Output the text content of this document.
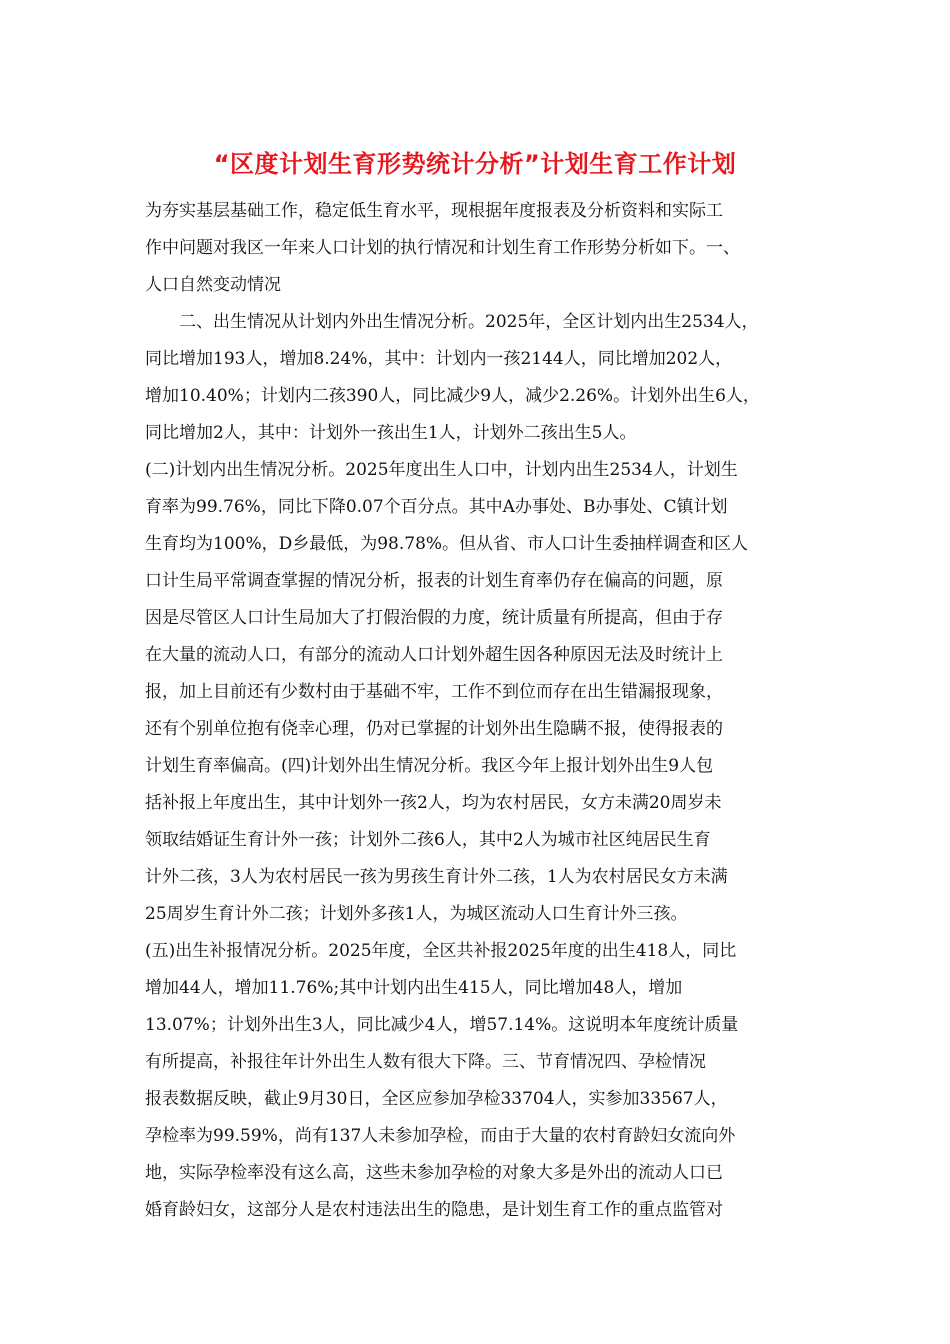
“区度计划生育形势统计分析”计划生育工作计划

为夯实基层基础工作，稳定低生育水平，现根据年度报表及分析资料和实际工

作中问题对我区一年来人口计划的执行情况和计划生育工作形势分析如下。一、

人口自然变动情况

　　二、出生情况从计划内外出生情况分析。2025年，全区计划内出生2534人，

同比增加193人，增加8.24%，其中：计划内一孩2144人，同比增加202人，

增加10.40%；计划内二孩390人，同比减少9人，减少2.26%。计划外出生6人，

同比增加2人，其中：计划外一孩出生1人，计划外二孩出生5人。

(二)计划内出生情况分析。2025年度出生人口中，计划内出生2534人，计划生

育率为99.76%，同比下降0.07个百分点。其中A办事处、B办事处、C镇计划

生育均为100%，D乡最低，为98.78%。但从省、市人口计生委抽样调查和区人

口计生局平常调查掌握的情况分析，报表的计划生育率仍存在偏高的问题，原

因是尽管区人口计生局加大了打假治假的力度，统计质量有所提高，但由于存

在大量的流动人口，有部分的流动人口计划外超生因各种原因无法及时统计上

报，加上目前还有少数村由于基础不牢，工作不到位而存在出生错漏报现象，

还有个别单位抱有侥幸心理，仍对已掌握的计划外出生隐瞒不报，使得报表的

计划生育率偏高。(四)计划外出生情况分析。我区今年上报计划外出生9人包

括补报上年度出生，其中计划外一孩2人，均为农村居民，女方未满20周岁未

领取结婚证生育计外一孩；计划外二孩6人，其中2人为城市社区纯居民生育

计外二孩，3人为农村居民一孩为男孩生育计外二孩，1人为农村居民女方未满

25周岁生育计外二孩；计划外多孩1人，为城区流动人口生育计外三孩。

(五)出生补报情况分析。2025年度，全区共补报2025年度的出生418人，同比

增加44人，增加11.76%;其中计划内出生415人，同比增加48人，增加

13.07%；计划外出生3人，同比减少4人，增57.14%。这说明本年度统计质量

有所提高，补报往年计外出生人数有很大下降。三、节育情况四、孕检情况

报表数据反映，截止9月30日，全区应参加孕检33704人，实参加33567人，

孕检率为99.59%，尚有137人未参加孕检，而由于大量的农村育龄妇女流向外

地，实际孕检率没有这么高，这些未参加孕检的对象大多是外出的流动人口已

婚育龄妇女，这部分人是农村违法出生的隐患，是计划生育工作的重点监管对
